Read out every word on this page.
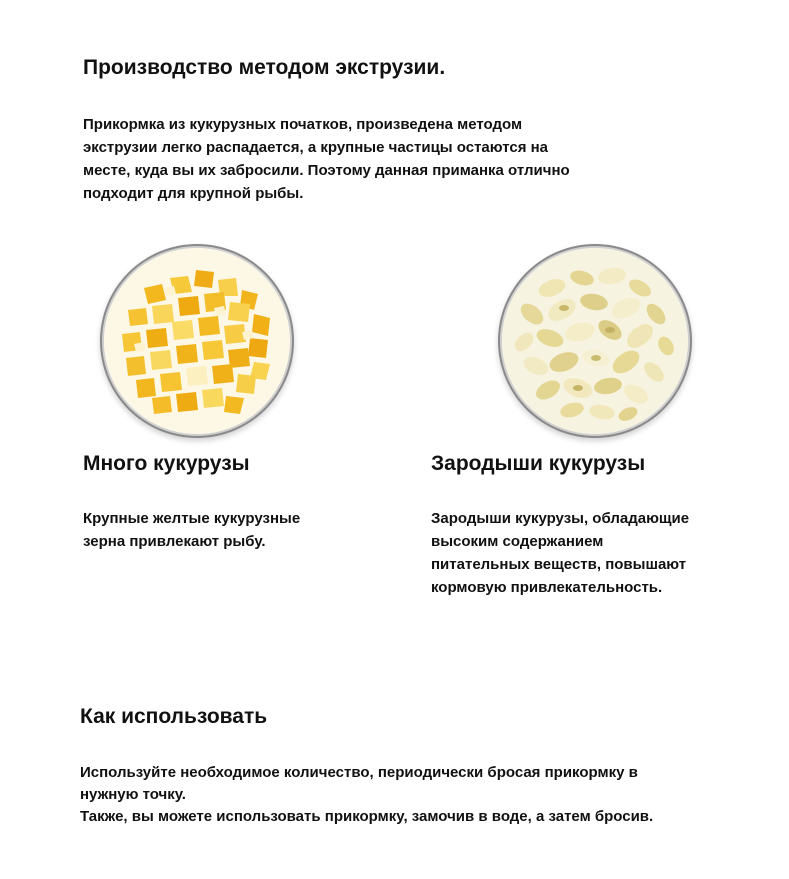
Производство методом экструзии.
Прикормка из кукурузных початков, произведена методом
экструзии легко распадается, а крупные частицы остаются на
месте, куда вы их забросили. Поэтому данная приманка отлично
подходит для крупной рыбы.
Много кукурузы	Зародыши кукурузы
Крупные желтые кукурузные
зерна привлекают рыбу.
Зародыши кукурузы, обладающие
высоким содержанием
питательных веществ, повышают
кормовую привлекательность.
Как использовать
Используйте необходимое количество, периодически бросая прикормку в
нужную точку.
Также, вы можете использовать прикормку, замочив в воде, а затем бросив.
